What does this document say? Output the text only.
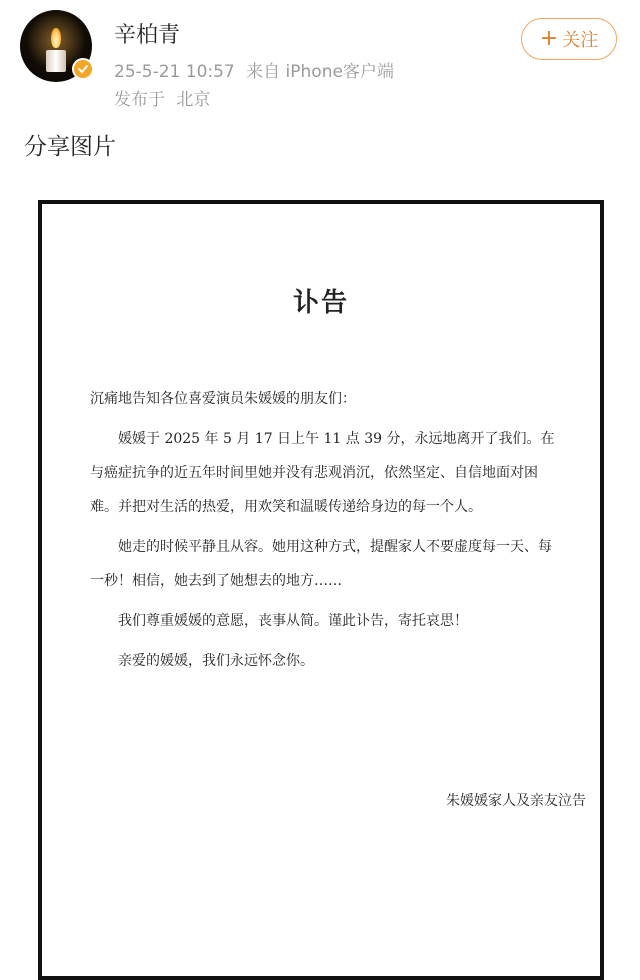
辛柏青
25-5-21 10:57 来自 iPhone客户端
发布于 北京
+ 关注
分享图片
讣告
沉痛地告知各位喜爱演员朱媛媛的朋友们：

媛媛于 2025 年 5 月 17 日上午 11 点 39 分，永远地离开了我们。在与癌症抗争的近五年时间里她并没有悲观消沉，依然坚定、自信地面对困难。并把对生活的热爱，用欢笑和温暖传递给身边的每一个人。

她走的时候平静且从容。她用这种方式，提醒家人不要虚度每一天、每一秒！相信，她去到了她想去的地方……

我们尊重媛媛的意愿，丧事从简。谨此讣告，寄托哀思！

亲爱的媛媛，我们永远怀念你。

朱媛媛家人及亲友泣告
